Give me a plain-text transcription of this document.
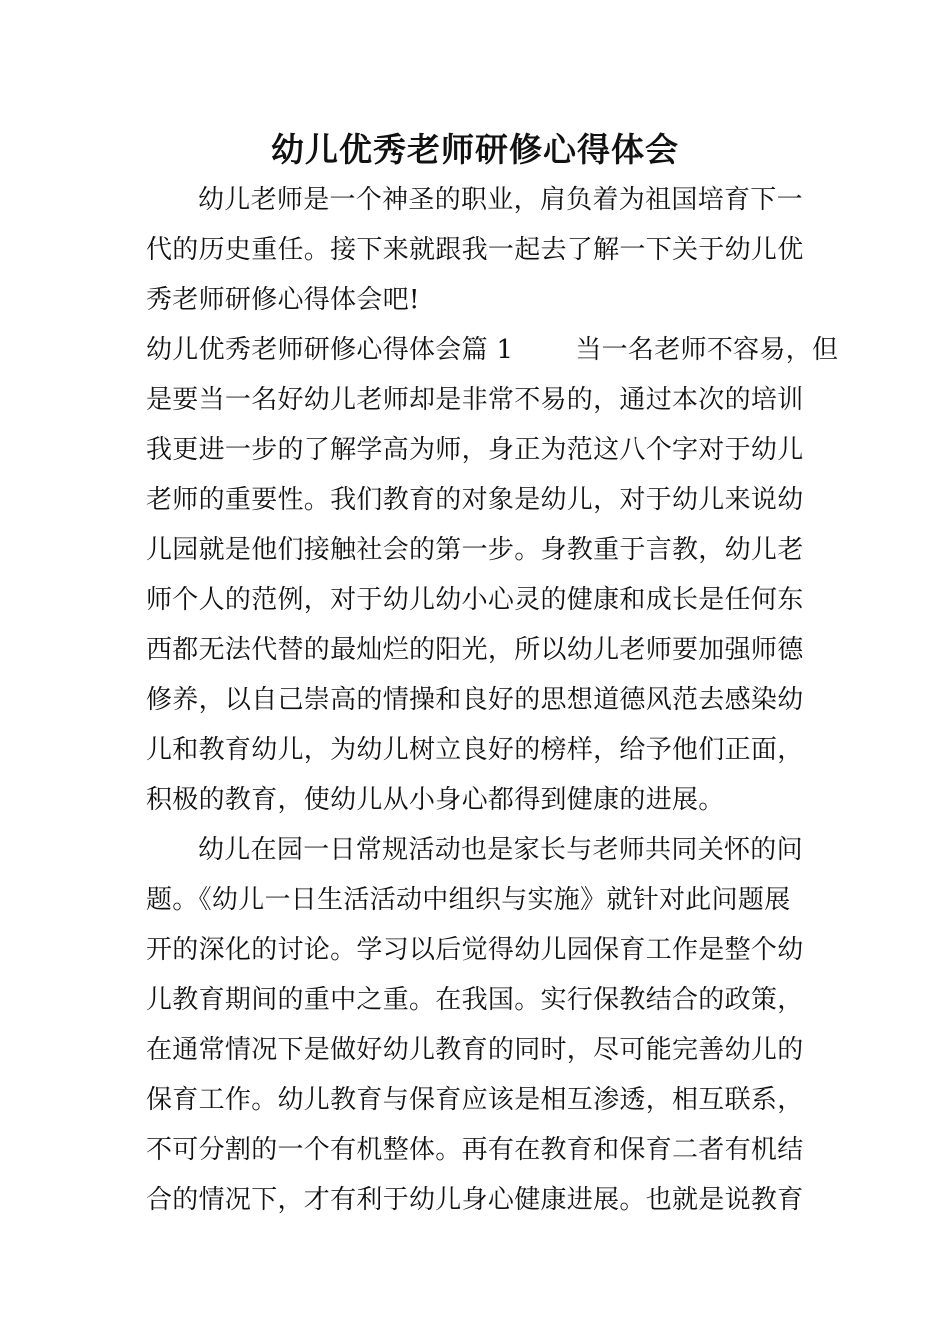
幼儿优秀老师研修心得体会
幼儿老师是一个神圣的职业，肩负着为祖国培育下一
代的历史重任。接下来就跟我一起去了解一下关于幼儿优
秀老师研修心得体会吧!
幼儿优秀老师研修心得体会篇 1 当一名老师不容易，但
是要当一名好幼儿老师却是非常不易的，通过本次的培训
我更进一步的了解学高为师，身正为范这八个字对于幼儿
老师的重要性。我们教育的对象是幼儿，对于幼儿来说幼
儿园就是他们接触社会的第一步。身教重于言教，幼儿老
师个人的范例，对于幼儿幼小心灵的健康和成长是任何东
西都无法代替的最灿烂的阳光，所以幼儿老师要加强师德
修养，以自己崇高的情操和良好的思想道德风范去感染幼
儿和教育幼儿，为幼儿树立良好的榜样，给予他们正面，
积极的教育，使幼儿从小身心都得到健康的进展。
幼儿在园一日常规活动也是家长与老师共同关怀的问
题。《幼儿一日生活活动中组织与实施》就针对此问题展
开的深化的讨论。学习以后觉得幼儿园保育工作是整个幼
儿教育期间的重中之重。在我国。实行保教结合的政策，
在通常情况下是做好幼儿教育的同时，尽可能完善幼儿的
保育工作。幼儿教育与保育应该是相互渗透，相互联系，
不可分割的一个有机整体。再有在教育和保育二者有机结
合的情况下，才有利于幼儿身心健康进展。也就是说教育
